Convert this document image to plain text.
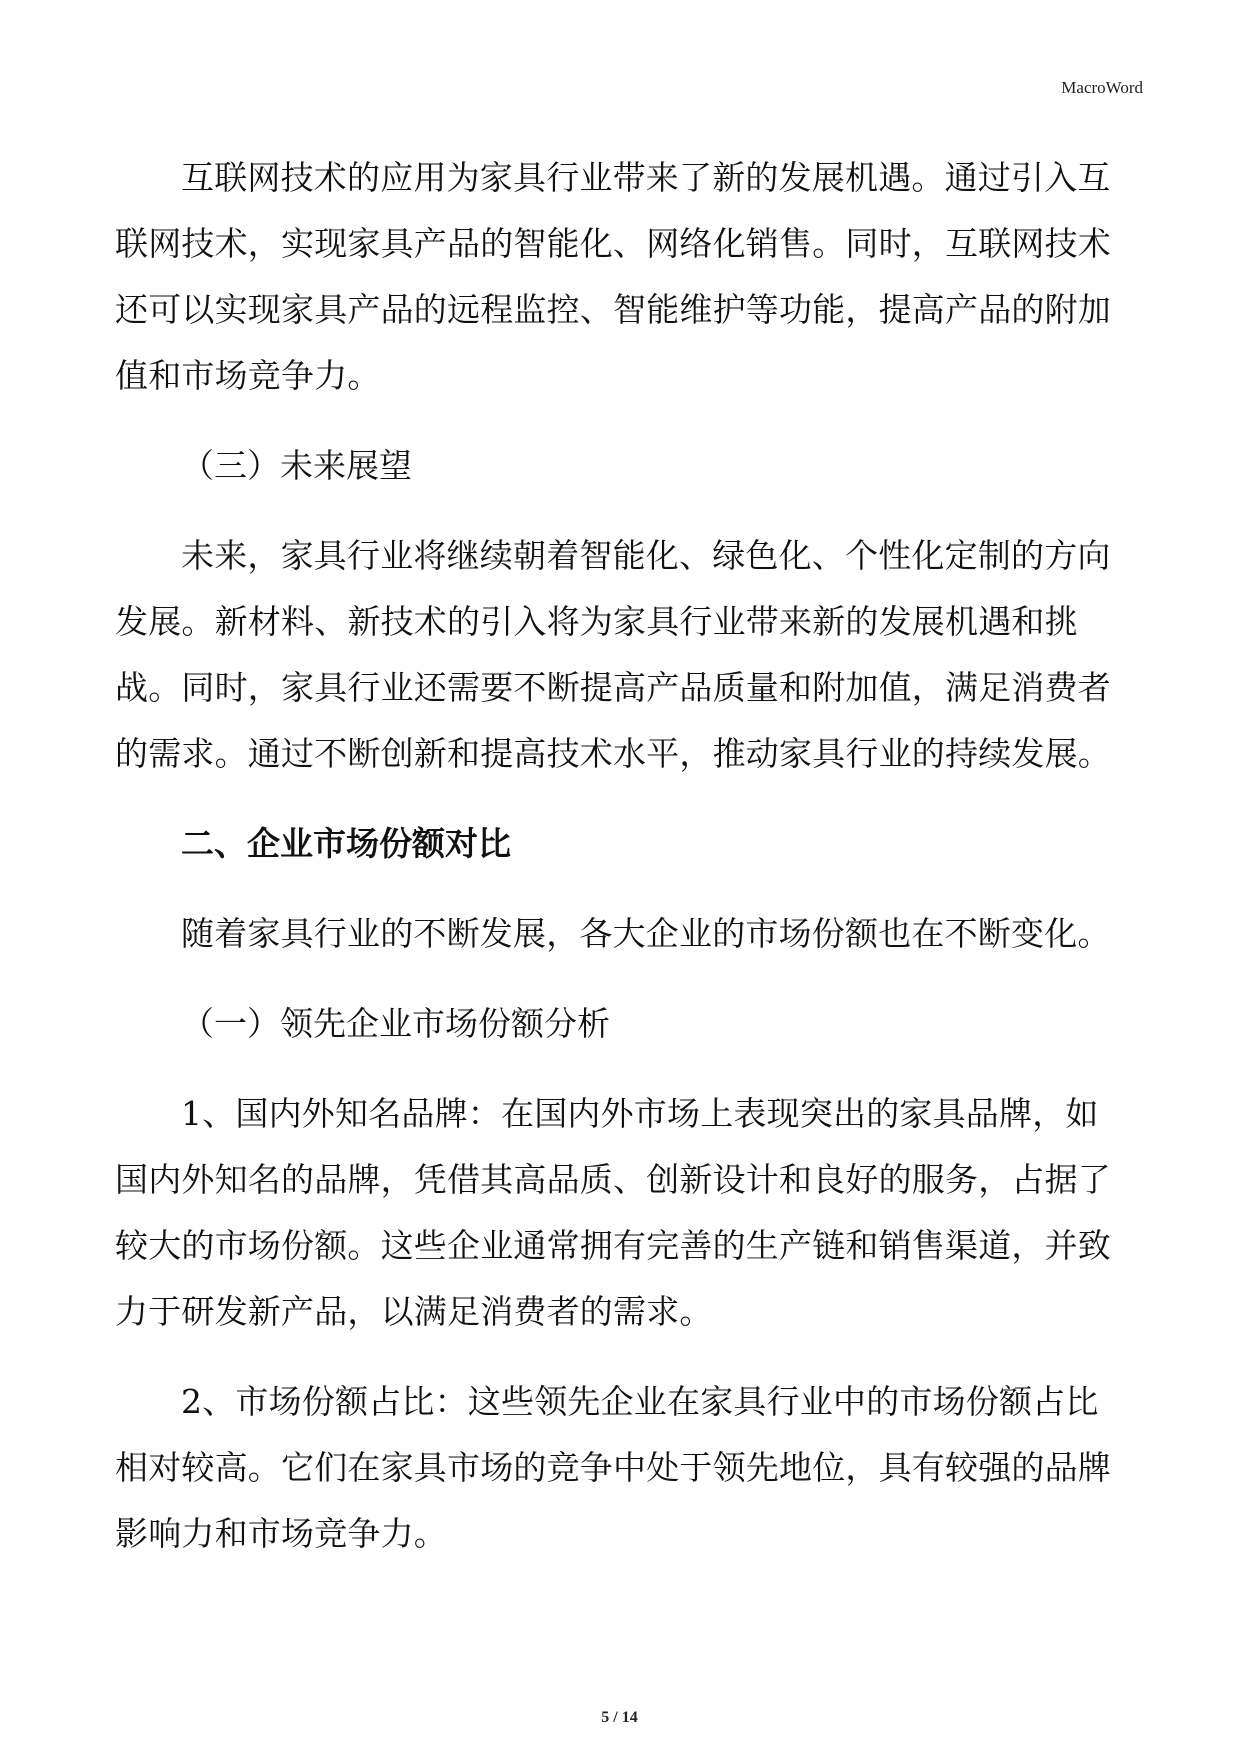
MacroWord

互联网技术的应用为家具行业带来了新的发展机遇。通过引入互联网技术，实现家具产品的智能化、网络化销售。同时，互联网技术还可以实现家具产品的远程监控、智能维护等功能，提高产品的附加值和市场竞争力。

（三）未来展望

未来，家具行业将继续朝着智能化、绿色化、个性化定制的方向发展。新材料、新技术的引入将为家具行业带来新的发展机遇和挑战。同时，家具行业还需要不断提高产品质量和附加值，满足消费者的需求。通过不断创新和提高技术水平，推动家具行业的持续发展。

二、企业市场份额对比

随着家具行业的不断发展，各大企业的市场份额也在不断变化。

（一）领先企业市场份额分析

1、国内外知名品牌：在国内外市场上表现突出的家具品牌，如国内外知名的品牌，凭借其高品质、创新设计和良好的服务，占据了较大的市场份额。这些企业通常拥有完善的生产链和销售渠道，并致力于研发新产品，以满足消费者的需求。

2、市场份额占比：这些领先企业在家具行业中的市场份额占比相对较高。它们在家具市场的竞争中处于领先地位，具有较强的品牌影响力和市场竞争力。

5 / 14
